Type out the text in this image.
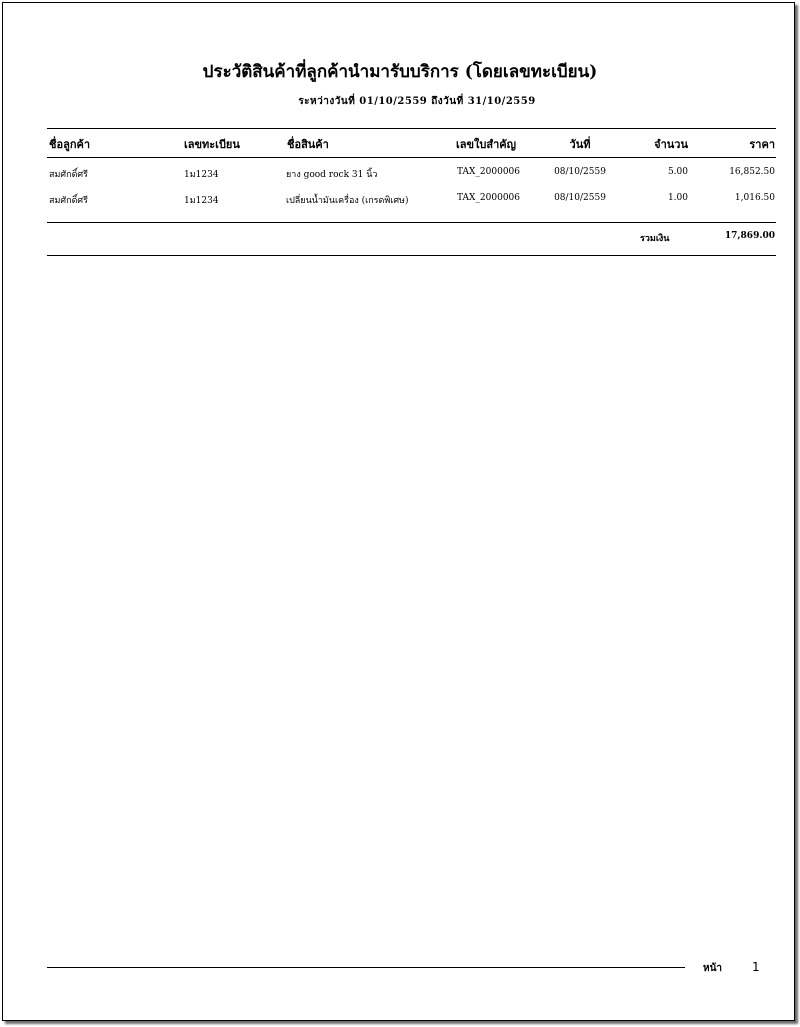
ประวัติสินค้าที่ลูกค้านำมารับบริการ (โดยเลขทะเบียน)
ระหว่างวันที่ 01/10/2559 ถึงวันที่ 31/10/2559
ชื่อลูกค้า	เลขทะเบียน	ชื่อสินค้า	เลขใบสำคัญ	วันที่	จำนวน	ราคา
สมศักดิ์ศรี	1ม1234	ยาง good rock 31 นิ้ว	TAX_2000006	08/10/2559	5.00	16,852.50
สมศักดิ์ศรี	1ม1234	เปลี่ยนน้ำมันเครื่อง (เกรดพิเศษ)	TAX_2000006	08/10/2559	1.00	1,016.50
รวมเงิน	17,869.00
หน้า 1
